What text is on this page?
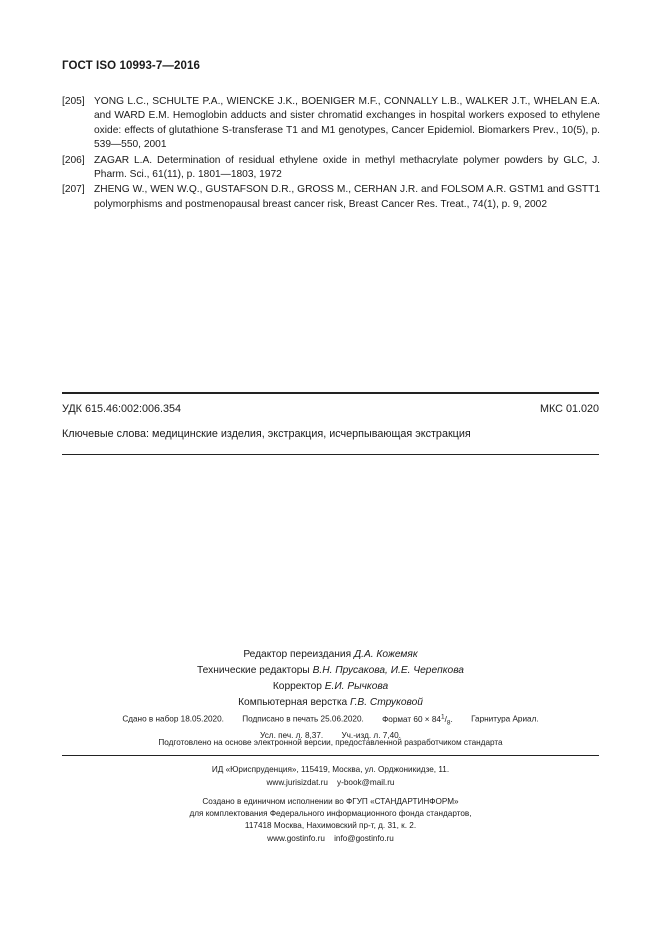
ГОСТ ISO 10993-7—2016
[205] YONG L.C., SCHULTE P.A., WIENCKE J.K., BOENIGER M.F., CONNALLY L.B., WALKER J.T., WHELAN E.A. and WARD E.M. Hemoglobin adducts and sister chromatid exchanges in hospital workers exposed to ethylene oxide: effects of glutathione S-transferase T1 and M1 genotypes, Cancer Epidemiol. Biomarkers Prev., 10(5), p. 539—550, 2001
[206] ZAGAR L.A. Determination of residual ethylene oxide in methyl methacrylate polymer powders by GLC, J. Pharm. Sci., 61(11), p. 1801—1803, 1972
[207] ZHENG W., WEN W.Q., GUSTAFSON D.R., GROSS M., CERHAN J.R. and FOLSOM A.R. GSTM1 and GSTT1 polymorphisms and postmenopausal breast cancer risk, Breast Cancer Res. Treat., 74(1), p. 9, 2002
УДК 615.46:002:006.354	МКС 01.020
Ключевые слова: медицинские изделия, экстракция, исчерпывающая экстракция
Редактор переиздания Д.А. Кожемяк
Технические редакторы В.Н. Прусакова, И.Е. Черепкова
Корректор Е.И. Рычкова
Компьютерная верстка Г.В. Струковой
Сдано в набор 18.05.2020. Подписано в печать 25.06.2020. Формат $60 \times 84^1/_8$. Гарнитура Ариал.
Усл. печ. л. 8,37. Уч.-изд. л. 7,40.
Подготовлено на основе электронной версии, предоставленной разработчиком стандарта
ИД «Юриспруденция», 115419, Москва, ул. Орджоникидзе, 11.
www.jurisizdat.ru y-book@mail.ru
Создано в единичном исполнении во ФГУП «СТАНДАРТИНФОРМ»
для комплектования Федерального информационного фонда стандартов,
117418 Москва, Нахимовский пр-т, д. 31, к. 2.
www.gostinfo.ru info@gostinfo.ru
